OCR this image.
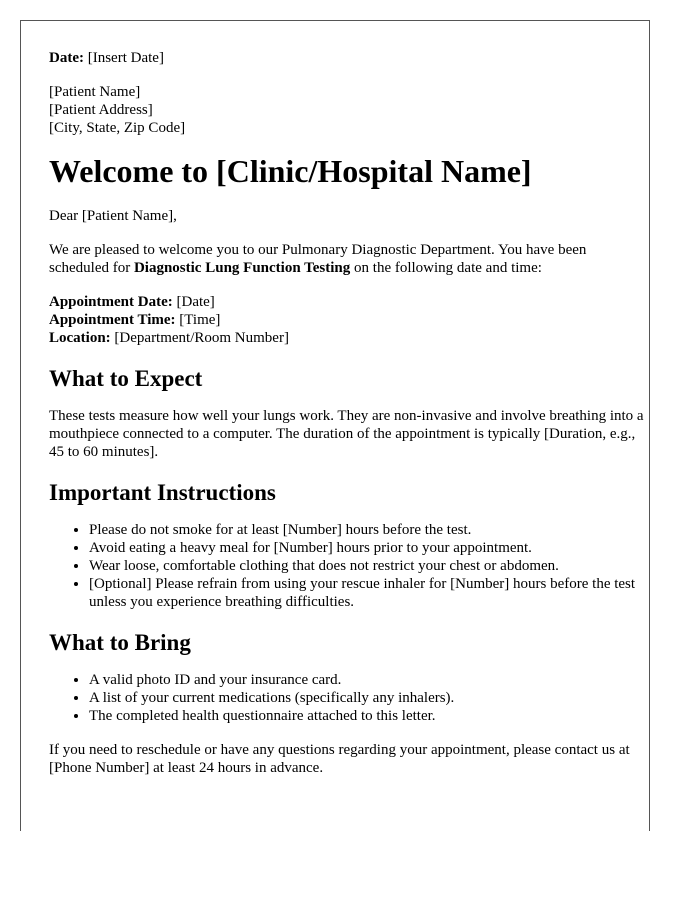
Date: [Insert Date]
[Patient Name]
[Patient Address]
[City, State, Zip Code]
Welcome to [Clinic/Hospital Name]

Dear [Patient Name],

We are pleased to welcome you to our Pulmonary Diagnostic Department. You have been scheduled for Diagnostic Lung Function Testing on the following date and time:

Appointment Date: [Date]
Appointment Time: [Time]
Location: [Department/Room Number]
What to Expect

These tests measure how well your lungs work. They are non-invasive and involve breathing into a mouthpiece connected to a computer. The duration of the appointment is typically [Duration, e.g., 45 to 60 minutes].

Important Instructions
• Please do not smoke for at least [Number] hours before the test.
• Avoid eating a heavy meal for [Number] hours prior to your appointment.
• Wear loose, comfortable clothing that does not restrict your chest or abdomen.
• [Optional] Please refrain from using your rescue inhaler for [Number] hours before the test unless you experience breathing difficulties.
What to Bring
• A valid photo ID and your insurance card.
• A list of your current medications (specifically any inhalers).
• The completed health questionnaire attached to this letter.

If you need to reschedule or have any questions regarding your appointment, please contact us at [Phone Number] at least 24 hours in advance.
